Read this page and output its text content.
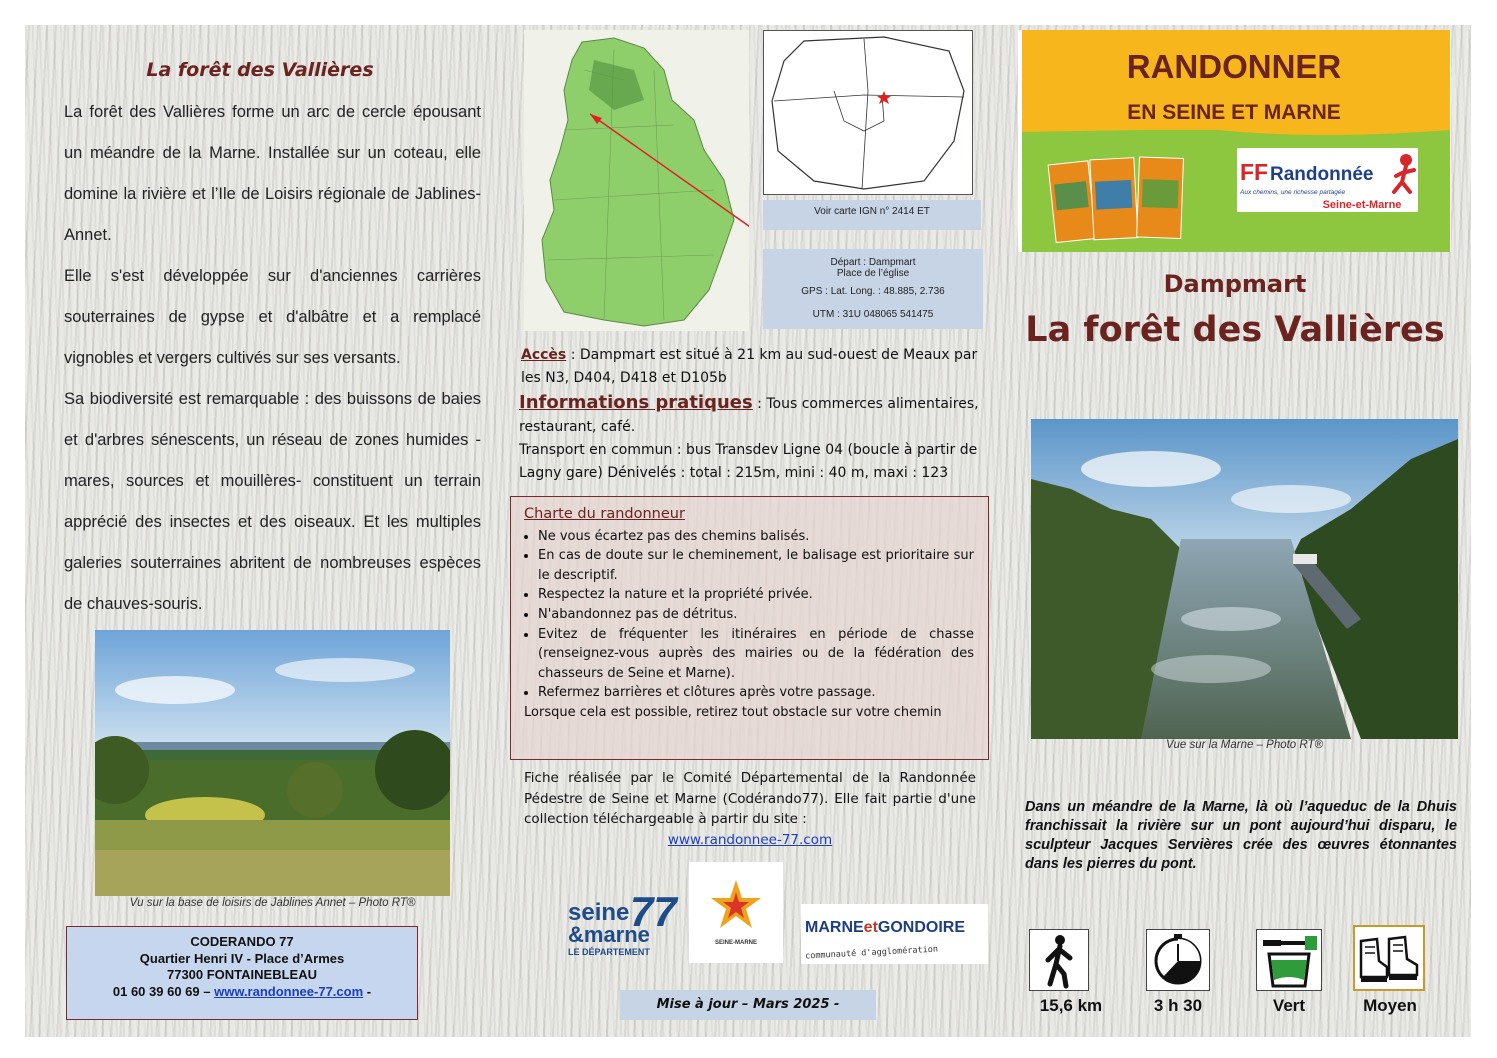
La forêt des Vallières

La forêt des Vallières forme un arc de cercle épousant un méandre de la Marne. Installée sur un coteau, elle domine la rivière et l’Ile de Loisirs régionale de Jablines-Annet.

Elle s'est développée sur d'anciennes carrières souterraines de gypse et d'albâtre et a remplacé vignobles et vergers cultivés sur ses versants.

Sa biodiversité est remarquable : des buissons de baies et d'arbres sénescents, un réseau de zones humides -mares, sources et mouillères- constituent un terrain apprécié des insectes et des oiseaux. Et les multiples galeries souterraines abritent de nombreuses espèces de chauves-souris.

Vu sur la base de loisirs de Jablines Annet – Photo RT®
CODERANDO 77
Quartier Henri IV - Place d’Armes
77300 FONTAINEBLEAU
01 60 39 60 69 – www.randonnee-77.com -
Voir carte IGN n° 2414 ET
Départ : Dampmart
Place de l’église
GPS : Lat. Long. : 48.885, 2.736
UTM : 31U 048065 541475
Accès : Dampmart est situé à 21 km au sud-ouest de Meaux par les N3, D404, D418 et D105b
Informations pratiques : Tous commerces alimentaires, restaurant, café.
Transport en commun : bus Transdev Ligne 04 (boucle à partir de Lagny gare) Dénivelés : total : 215m, mini : 40 m, maxi : 123
Charte du randonneur
• Ne vous écartez pas des chemins balisés.
• En cas de doute sur le cheminement, le balisage est prioritaire sur le descriptif.
• Respectez la nature et la propriété privée.
• N'abandonnez pas de détritus.
• Evitez de fréquenter les itinéraires en période de chasse (renseignez-vous auprès des mairies ou de la fédération des chasseurs de Seine et Marne).
• Refermez barrières et clôtures après votre passage.
Lorsque cela est possible, retirez tout obstacle sur votre chemin
Fiche réalisée par le Comité Départemental de la Randonnée Pédestre de Seine et Marne (Codérando77). Elle fait partie d'une collection téléchargeable à partir du site :
www.randonnee-77.com
seine
&marne
77
LE DÉPARTEMENT
SEINE-MARNE
MARNEetGONDOIRE
communauté d'agglomération
Mise à jour – Mars 2025 -
RANDONNER
EN SEINE ET MARNE
FF Randonnée
Aux chemins, une richesse partagée
Seine-et-Marne
Dampmart
La forêt des Vallières
Vue sur la Marne – Photo RT®
Dans un méandre de la Marne, là où l’aqueduc de la Dhuis franchissait la rivière sur un pont aujourd’hui disparu, le sculpteur Jacques Servières crée des œuvres étonnantes dans les pierres du pont.
15,6 km	3 h 30	Vert	Moyen
